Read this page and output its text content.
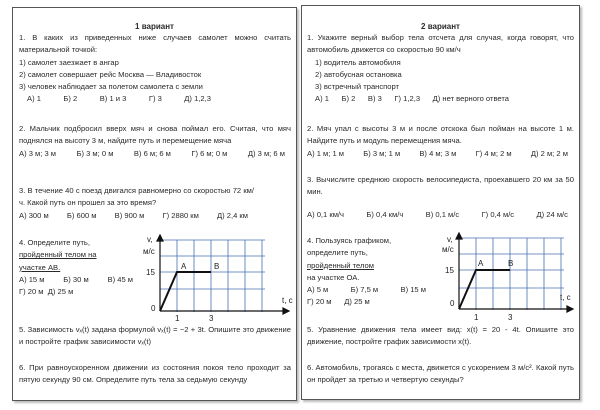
1 вариант
1. В каких из приведенных ниже случаев самолет можно считать материальной точкой:
1) самолет заезжает в ангар
2) самолет совершает рейс Москва — Владивосток
3) человек наблюдает за полетом самолета с земли
А) 1	Б) 2	В) 1 и 3	Г) 3	Д) 1,2,3
2. Мальчик подбросил вверх мяч и снова поймал его. Считая, что мяч поднялся на высоту 3 м, найдите путь и перемещение мяча
А) 3 м; 3 м	Б) 3 м; 0 м	В) 6 м; 6 м	Г) 6 м; 0 м	Д) 3 м; 6 м
3. В течение 40 с поезд двигался равномерно со скоростью 72 км/ч. Какой путь он прошел за это время?
А) 300 м Б) 600 м В) 900 м Г) 2880 км Д) 2,4 км
4. Определите путь,
пройденный телом на
участке АВ.
А) 15 м Б) 30 м В) 45 м
Г) 20 м Д) 25 м
v,
м/с
15
A	B
0
1	3
t, с
5. Зависимость vₓ(t) задана формулой vₓ(t) = −2 + 3t. Опишите это движение и постройте график зависимости vₓ(t)
6. При равноускоренном движении из состояния покоя тело проходит за пятую секунду 90 см. Определите путь тела за седьмую секунду
2 вариант
1. Укажите верный выбор тела отсчета для случая, когда говорят, что автомобиль движется со скоростью 90 км/ч
1) водитель автомобиля
2) автобусная остановка
3) встречный транспорт
А) 1 Б) 2 В) 3 Г) 1,2,3 Д) нет верного ответа
2. Мяч упал с высоты 3 м и после отскока был пойман на высоте 1 м. Найдите путь и модуль перемещения мяча.
А) 1 м; 1 м	Б) 3 м; 1 м	В) 4 м; 3 м	Г) 4 м; 2 м	Д) 2 м; 2 м
3. Вычислите среднюю скорость велосипедиста, проехавшего 20 км за 50 мин.
А) 0,1 км/ч	Б) 0,4 км/ч	В) 0,1 м/с	Г) 0,4 м/с	Д) 24 м/с
4. Пользуясь графиком,
определите путь,
пройденный телом
на участке ОА.
А) 5 м	Б) 7,5 м	В) 15 м
Г) 20 м Д) 25 м
v,
м/с
15
A	B
0
1	3
t, с
5. Уравнение движения тела имеет вид: x(t) = 20 - 4t. Опишите это движение, постройте график зависимости x(t).
6. Автомобиль, трогаясь с места, движется с ускорением 3 м/с². Какой путь он пройдет за третью и четвертую секунды?
